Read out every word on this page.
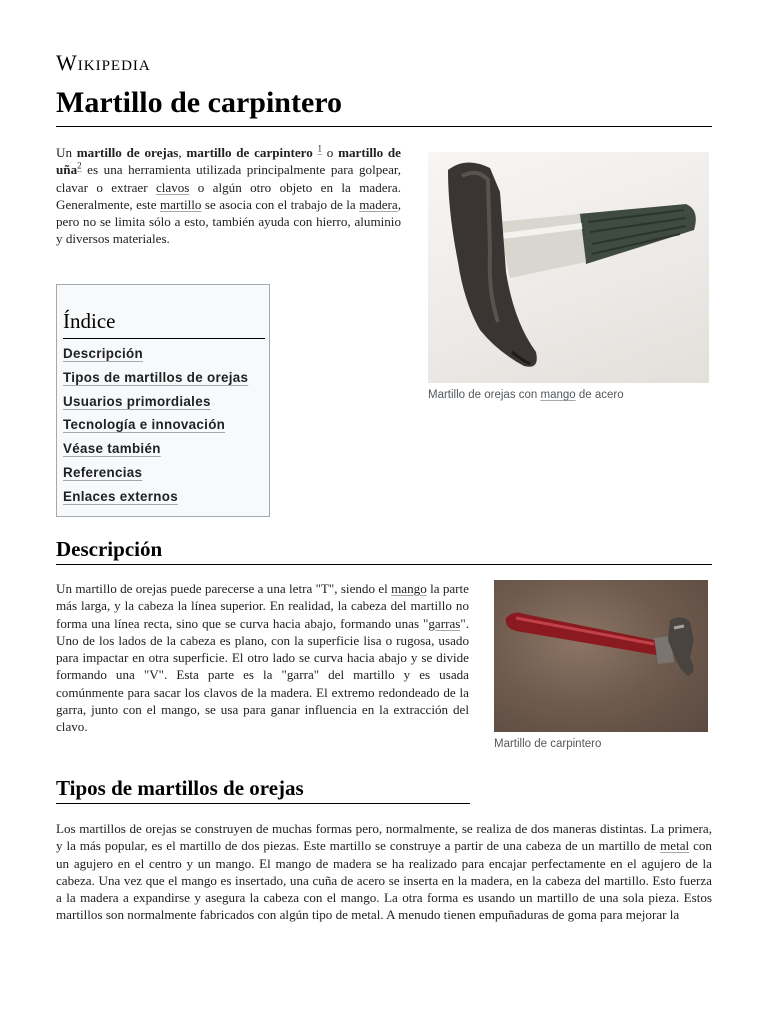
Wikipedia
Martillo de carpintero

Un martillo de orejas, martillo de carpintero $^1$ o martillo de uña$^2$ es una herramienta utilizada principalmente para golpear, clavar o extraer clavos o algún otro objeto en la madera. Generalmente, este martillo se asocia con el trabajo de la madera, pero no se limita sólo a esto, también ayuda con hierro, aluminio y diversos materiales.

Martillo de orejas con mango de acero
Índice
Descripción
Tipos de martillos de orejas
Usuarios primordiales
Tecnología e innovación
Véase también
Referencias
Enlaces externos
Descripción

Un martillo de orejas puede parecerse a una letra "T", siendo el mango la parte más larga, y la cabeza la línea superior. En realidad, la cabeza del martillo no forma una línea recta, sino que se curva hacia abajo, formando unas "garras". Uno de los lados de la cabeza es plano, con la superficie lisa o rugosa, usado para impactar en otra superficie. El otro lado se curva hacia abajo y se divide formando una "V". Esta parte es la "garra" del martillo y es usada comúnmente para sacar los clavos de la madera. El extremo redondeado de la garra, junto con el mango, se usa para ganar influencia en la extracción del clavo.

Martillo de carpintero
Tipos de martillos de orejas

Los martillos de orejas se construyen de muchas formas pero, normalmente, se realiza de dos maneras distintas. La primera, y la más popular, es el martillo de dos piezas. Este martillo se construye a partir de una cabeza de un martillo de metal con un agujero en el centro y un mango. El mango de madera se ha realizado para encajar perfectamente en el agujero de la cabeza. Una vez que el mango es insertado, una cuña de acero se inserta en la madera, en la cabeza del martillo. Esto fuerza a la madera a expandirse y asegura la cabeza con el mango. La otra forma es usando un martillo de una sola pieza. Estos martillos son normalmente fabricados con algún tipo de metal. A menudo tienen empuñaduras de goma para mejorar la
